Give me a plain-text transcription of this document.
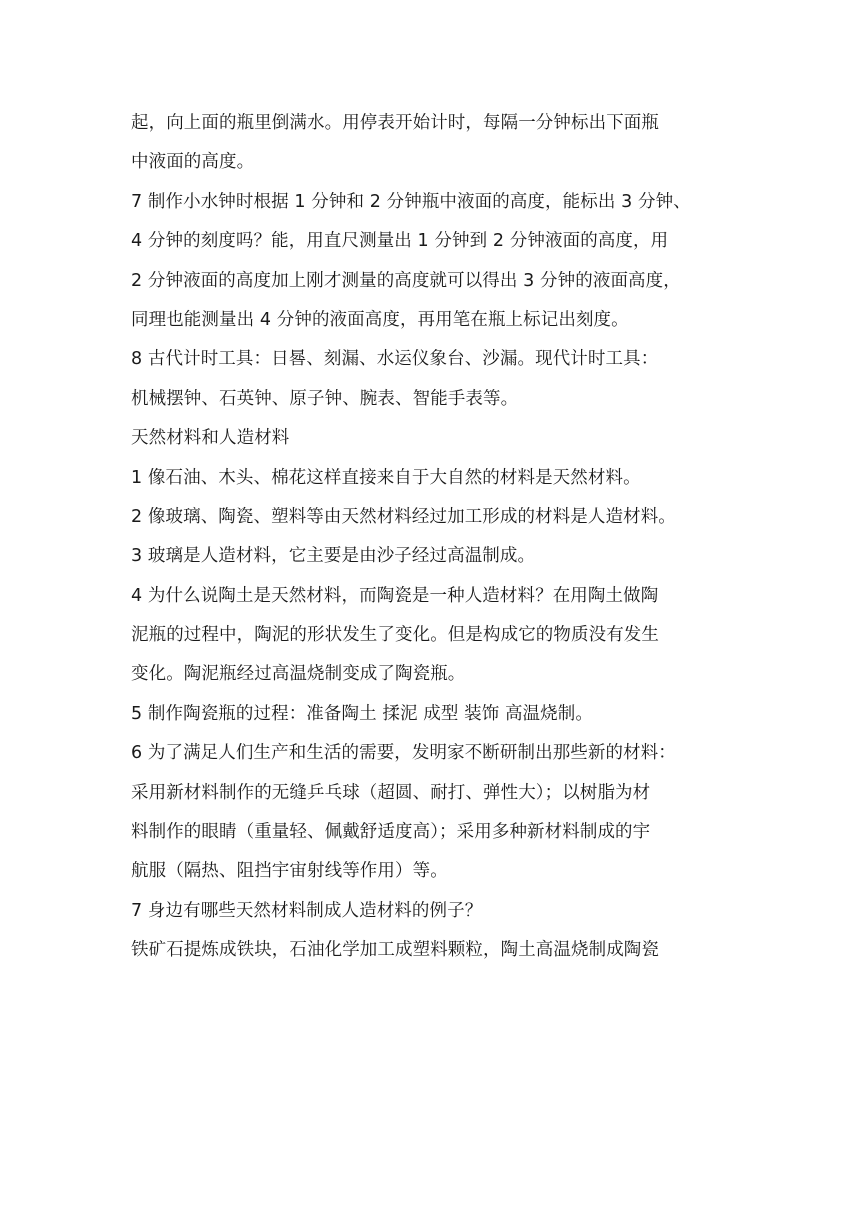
起，向上面的瓶里倒满水。用停表开始计时，每隔一分钟标出下面瓶
中液面的高度。
7 制作小水钟时根据 1 分钟和 2 分钟瓶中液面的高度，能标出 3 分钟、
4 分钟的刻度吗？能，用直尺测量出 1 分钟到 2 分钟液面的高度，用
2 分钟液面的高度加上刚才测量的高度就可以得出 3 分钟的液面高度，
同理也能测量出 4 分钟的液面高度，再用笔在瓶上标记出刻度。
8 古代计时工具：日晷、刻漏、水运仪象台、沙漏。现代计时工具：
机械摆钟、石英钟、原子钟、腕表、智能手表等。
天然材料和人造材料
1 像石油、木头、棉花这样直接来自于大自然的材料是天然材料。
2 像玻璃、陶瓷、塑料等由天然材料经过加工形成的材料是人造材料。
3 玻璃是人造材料，它主要是由沙子经过高温制成。
4 为什么说陶土是天然材料，而陶瓷是一种人造材料？在用陶土做陶
泥瓶的过程中，陶泥的形状发生了变化。但是构成它的物质没有发生
变化。陶泥瓶经过高温烧制变成了陶瓷瓶。
5 制作陶瓷瓶的过程：准备陶土 揉泥 成型 装饰 高温烧制。
6 为了满足人们生产和生活的需要，发明家不断研制出那些新的材料：
采用新材料制作的无缝乒乓球（超圆、耐打、弹性大）；以树脂为材
料制作的眼睛（重量轻、佩戴舒适度高）；采用多种新材料制成的宇
航服（隔热、阻挡宇宙射线等作用）等。
7 身边有哪些天然材料制成人造材料的例子？
铁矿石提炼成铁块，石油化学加工成塑料颗粒，陶土高温烧制成陶瓷
